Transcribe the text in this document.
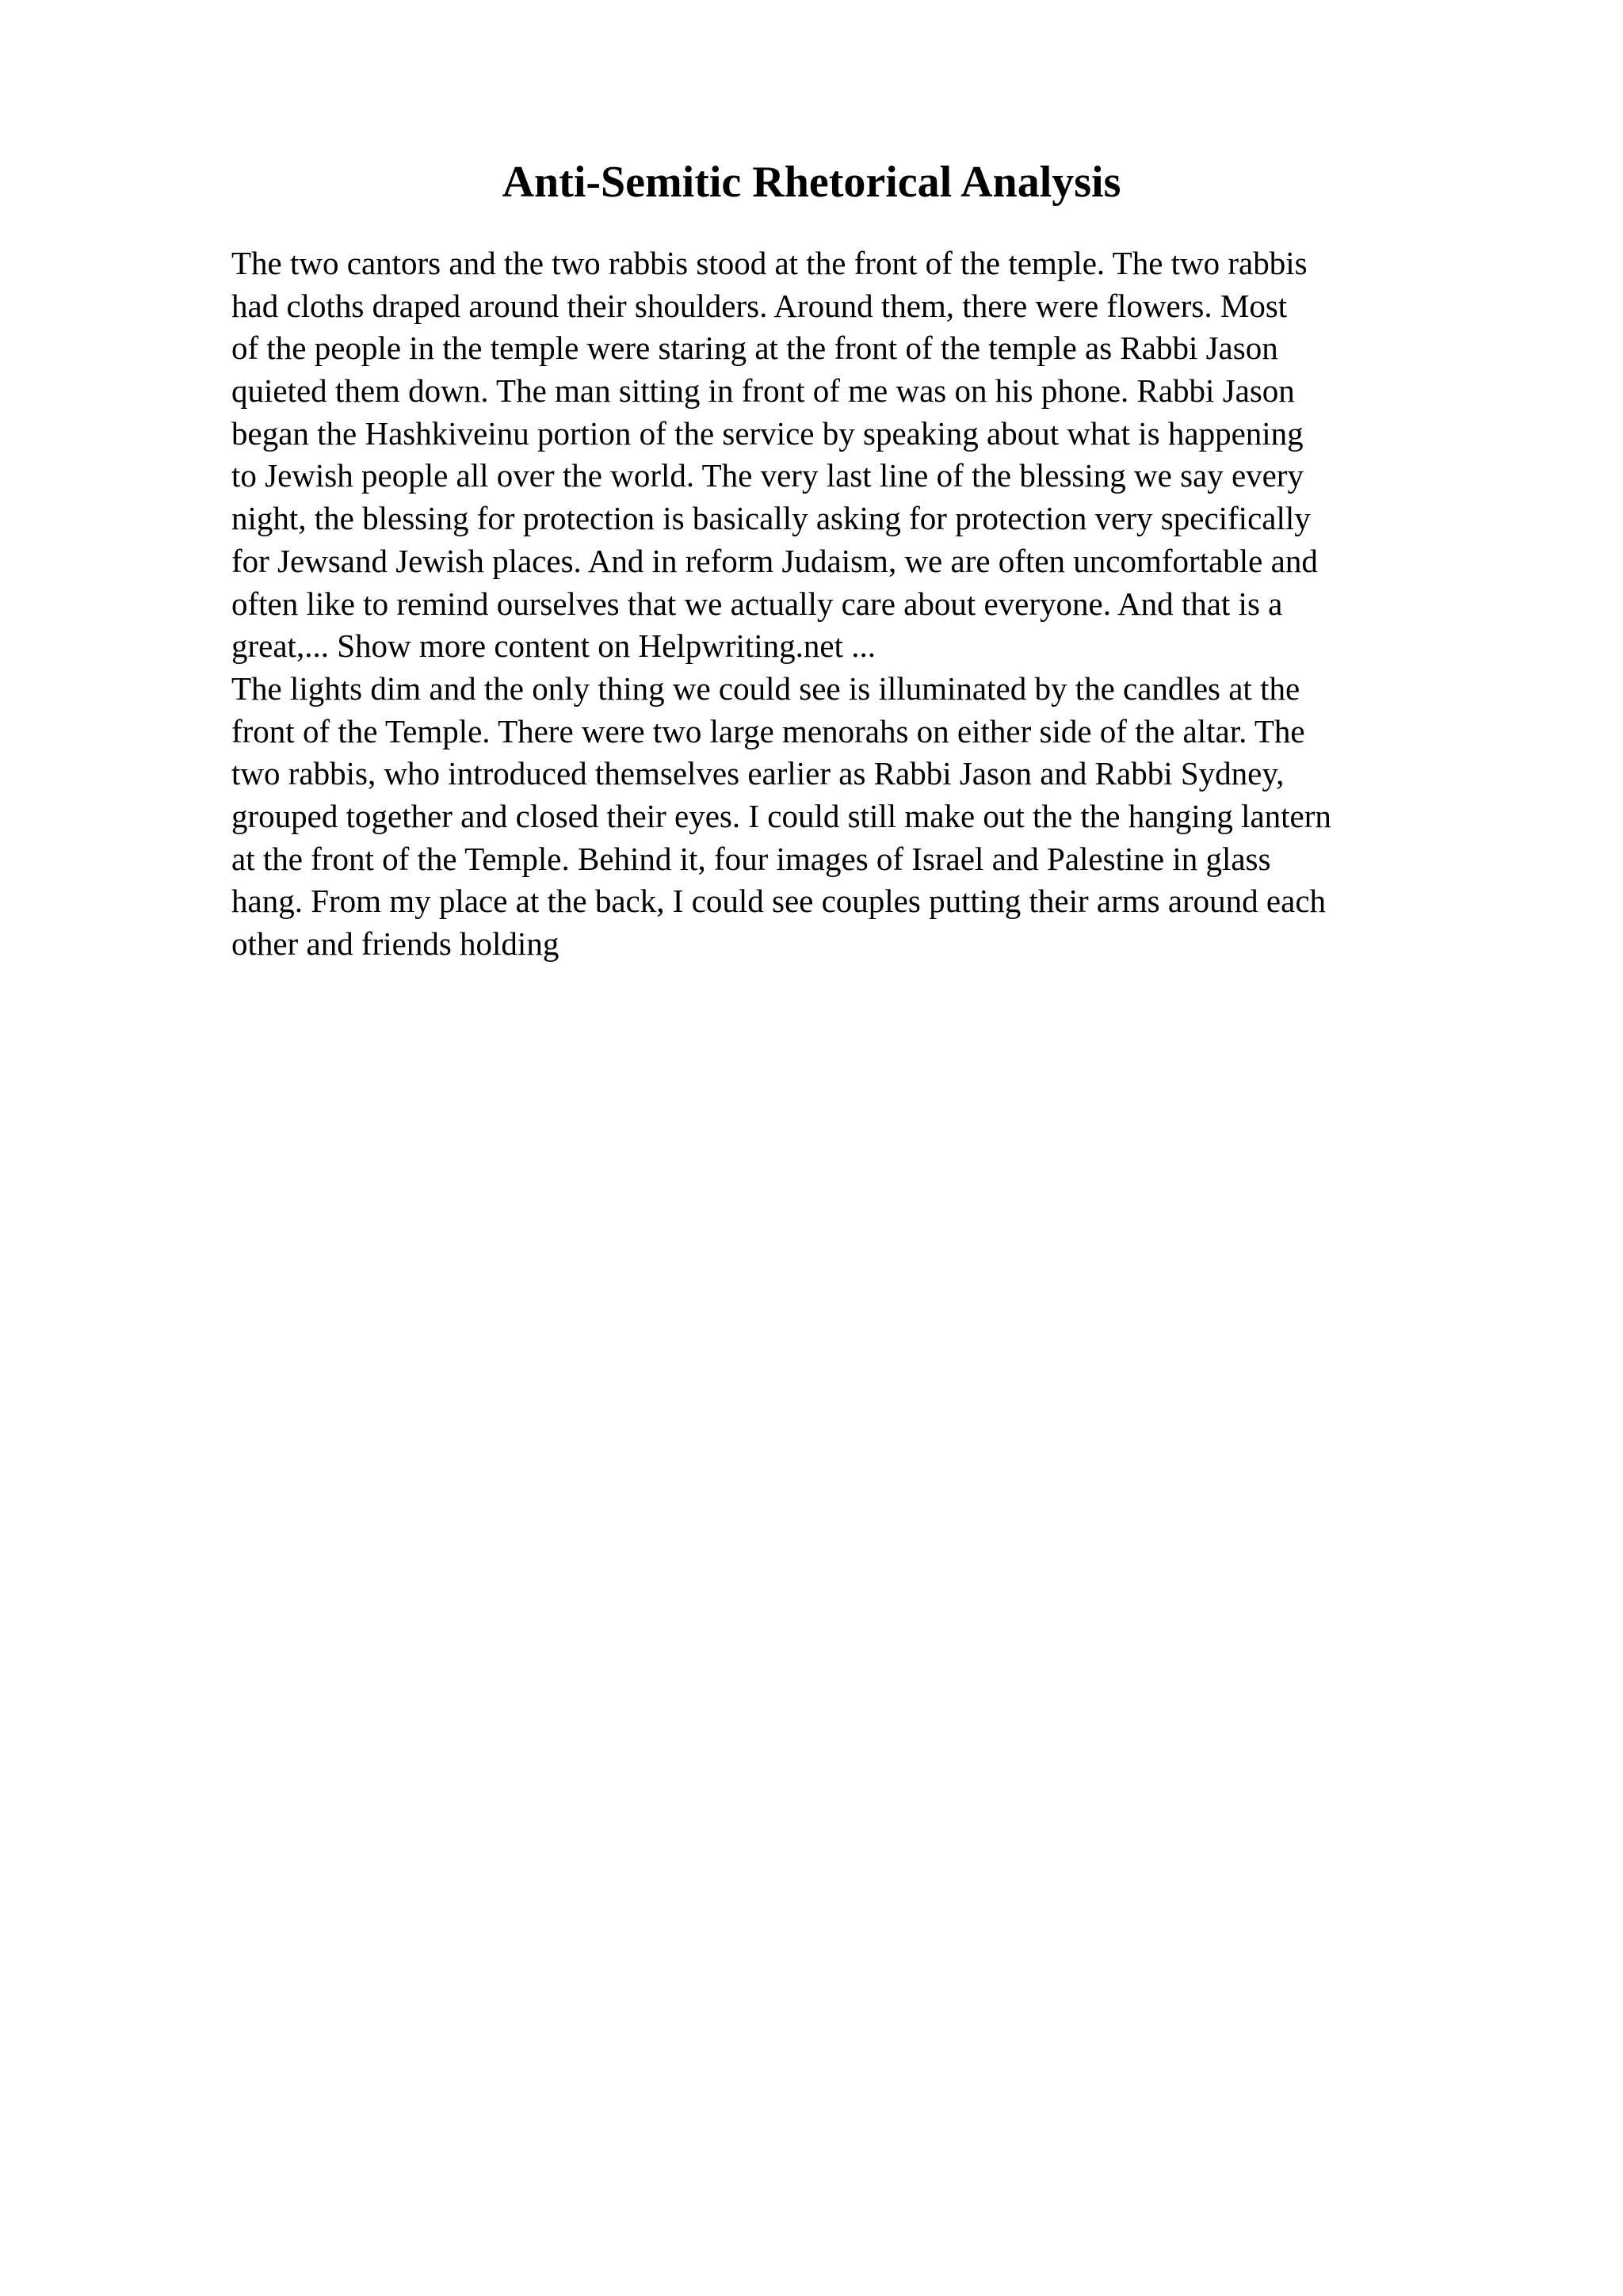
Anti-Semitic Rhetorical Analysis
The two cantors and the two rabbis stood at the front of the temple. The two rabbis
had cloths draped around their shoulders. Around them, there were flowers. Most
of the people in the temple were staring at the front of the temple as Rabbi Jason
quieted them down. The man sitting in front of me was on his phone. Rabbi Jason
began the Hashkiveinu portion of the service by speaking about what is happening
to Jewish people all over the world. The very last line of the blessing we say every
night, the blessing for protection is basically asking for protection very specifically
for Jewsand Jewish places. And in reform Judaism, we are often uncomfortable and
often like to remind ourselves that we actually care about everyone. And that is a
great,... Show more content on Helpwriting.net ...
The lights dim and the only thing we could see is illuminated by the candles at the
front of the Temple. There were two large menorahs on either side of the altar. The
two rabbis, who introduced themselves earlier as Rabbi Jason and Rabbi Sydney,
grouped together and closed their eyes. I could still make out the the hanging lantern
at the front of the Temple. Behind it, four images of Israel and Palestine in glass
hang. From my place at the back, I could see couples putting their arms around each
other and friends holding
